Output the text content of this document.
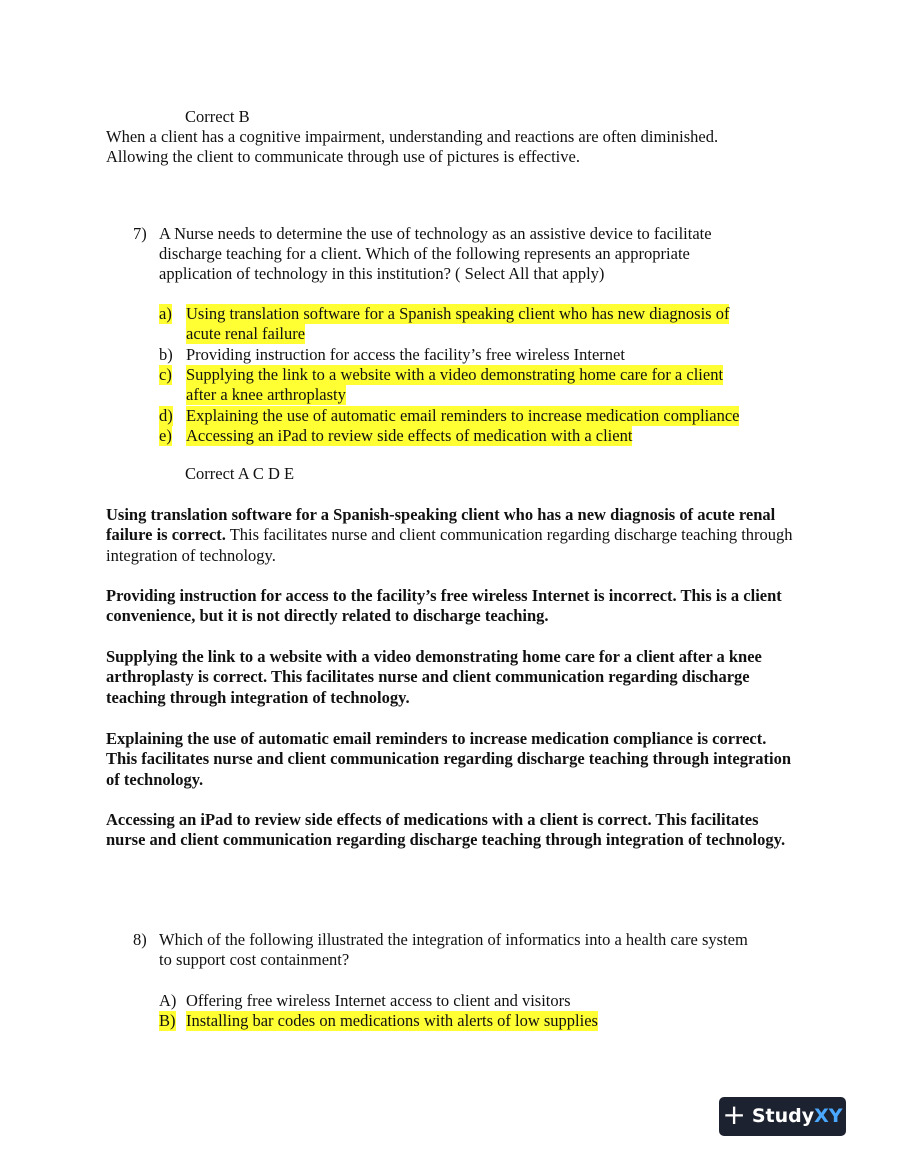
Correct B
When a client has a cognitive impairment, understanding and reactions are often diminished.
Allowing the client to communicate through use of pictures is effective.
7) A Nurse needs to determine the use of technology as an assistive device to facilitate
discharge teaching for a client. Which of the following represents an appropriate
application of technology in this institution? ( Select All that apply)
a) Using translation software for a Spanish speaking client who has new diagnosis of
acute renal failure
b) Providing instruction for access the facility’s free wireless Internet
c) Supplying the link to a website with a video demonstrating home care for a client
after a knee arthroplasty
d) Explaining the use of automatic email reminders to increase medication compliance
e) Accessing an iPad to review side effects of medication with a client
Correct A C D E
Using translation software for a Spanish-speaking client who has a new diagnosis of acute renal failure is correct. This facilitates nurse and client communication regarding discharge teaching through integration of technology.
Providing instruction for access to the facility’s free wireless Internet is incorrect. This is a client convenience, but it is not directly related to discharge teaching.
Supplying the link to a website with a video demonstrating home care for a client after a knee arthroplasty is correct. This facilitates nurse and client communication regarding discharge teaching through integration of technology.
Explaining the use of automatic email reminders to increase medication compliance is correct. This facilitates nurse and client communication regarding discharge teaching through integration of technology.
Accessing an iPad to review side effects of medications with a client is correct. This facilitates nurse and client communication regarding discharge teaching through integration of technology.
8) Which of the following illustrated the integration of informatics into a health care system
to support cost containment?
A) Offering free wireless Internet access to client and visitors
B) Installing bar codes on medications with alerts of low supplies
+ StudyXY
